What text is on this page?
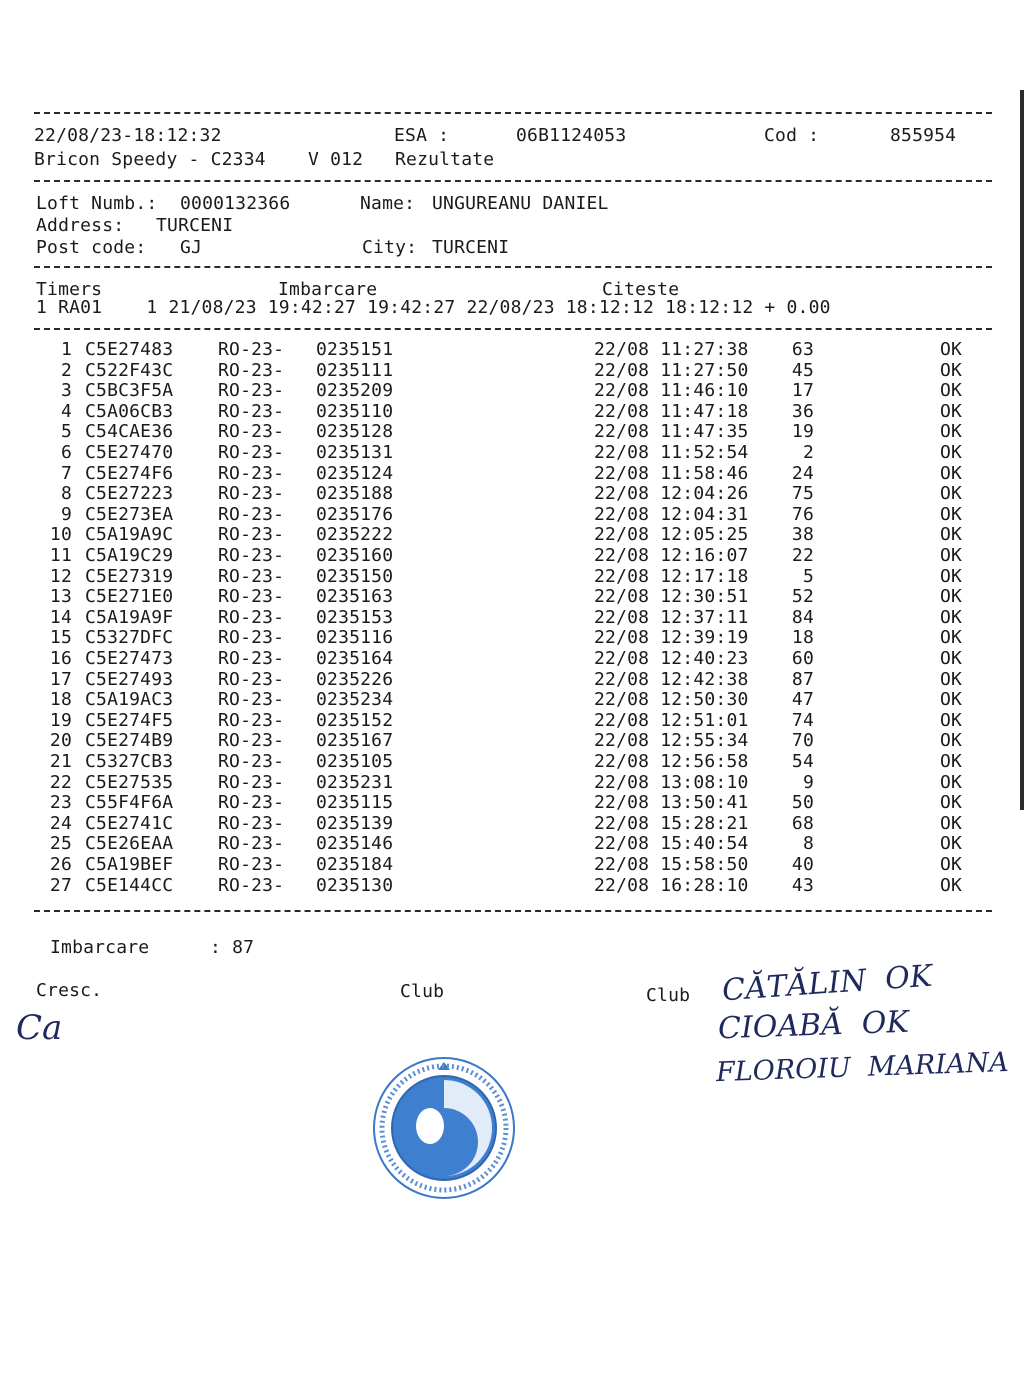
22/08/23-18:12:32	ESA :	06B1124053	Cod :	855954
Bricon Speedy - C2334 V 012 Rezultate
Loft Numb.: 0000132366	Name: UNGUREANU DANIEL
Address: TURCENI
Post code: GJ	City: TURCENI
Timers	Imbarcare	Citeste
1 RA01    1 21/08/23 19:42:27 19:42:27 22/08/23 18:12:12 18:12:12 + 0.00
1 C5E27483 RO-23- 0235151	22/08 11:27:38	63	OK
2 C522F43C RO-23- 0235111	22/08 11:27:50	45	OK
3 C5BC3F5A RO-23- 0235209	22/08 11:46:10	17	OK
4 C5A06CB3 RO-23- 0235110	22/08 11:47:18	36	OK
5 C54CAE36 RO-23- 0235128	22/08 11:47:35	19	OK
6 C5E27470 RO-23- 0235131	22/08 11:52:54	2	OK
7 C5E274F6 RO-23- 0235124	22/08 11:58:46	24	OK
8 C5E27223 RO-23- 0235188	22/08 12:04:26	75	OK
9 C5E273EA RO-23- 0235176	22/08 12:04:31	76	OK
10 C5A19A9C RO-23- 0235222	22/08 12:05:25	38	OK
11 C5A19C29 RO-23- 0235160	22/08 12:16:07	22	OK
12 C5E27319 RO-23- 0235150	22/08 12:17:18	5	OK
13 C5E271E0 RO-23- 0235163	22/08 12:30:51	52	OK
14 C5A19A9F RO-23- 0235153	22/08 12:37:11	84	OK
15 C5327DFC RO-23- 0235116	22/08 12:39:19	18	OK
16 C5E27473 RO-23- 0235164	22/08 12:40:23	60	OK
17 C5E27493 RO-23- 0235226	22/08 12:42:38	87	OK
18 C5A19AC3 RO-23- 0235234	22/08 12:50:30	47	OK
19 C5E274F5 RO-23- 0235152	22/08 12:51:01	74	OK
20 C5E274B9 RO-23- 0235167	22/08 12:55:34	70	OK
21 C5327CB3 RO-23- 0235105	22/08 12:56:58	54	OK
22 C5E27535 RO-23- 0235231	22/08 13:08:10	9	OK
23 C55F4F6A RO-23- 0235115	22/08 13:50:41	50	OK
24 C5E2741C RO-23- 0235139	22/08 15:28:21	68	OK
25 C5E26EAA RO-23- 0235146	22/08 15:40:54	8	OK
26 C5A19BEF RO-23- 0235184	22/08 15:58:50	40	OK
27 C5E144CC RO-23- 0235130	22/08 16:28:10	43	OK
Imbarcare	: 87
Cresc.	Club	Club CĂTĂLIN  OK
CIOABĂ  OK
FLOROIU  MARIANA
Ca
